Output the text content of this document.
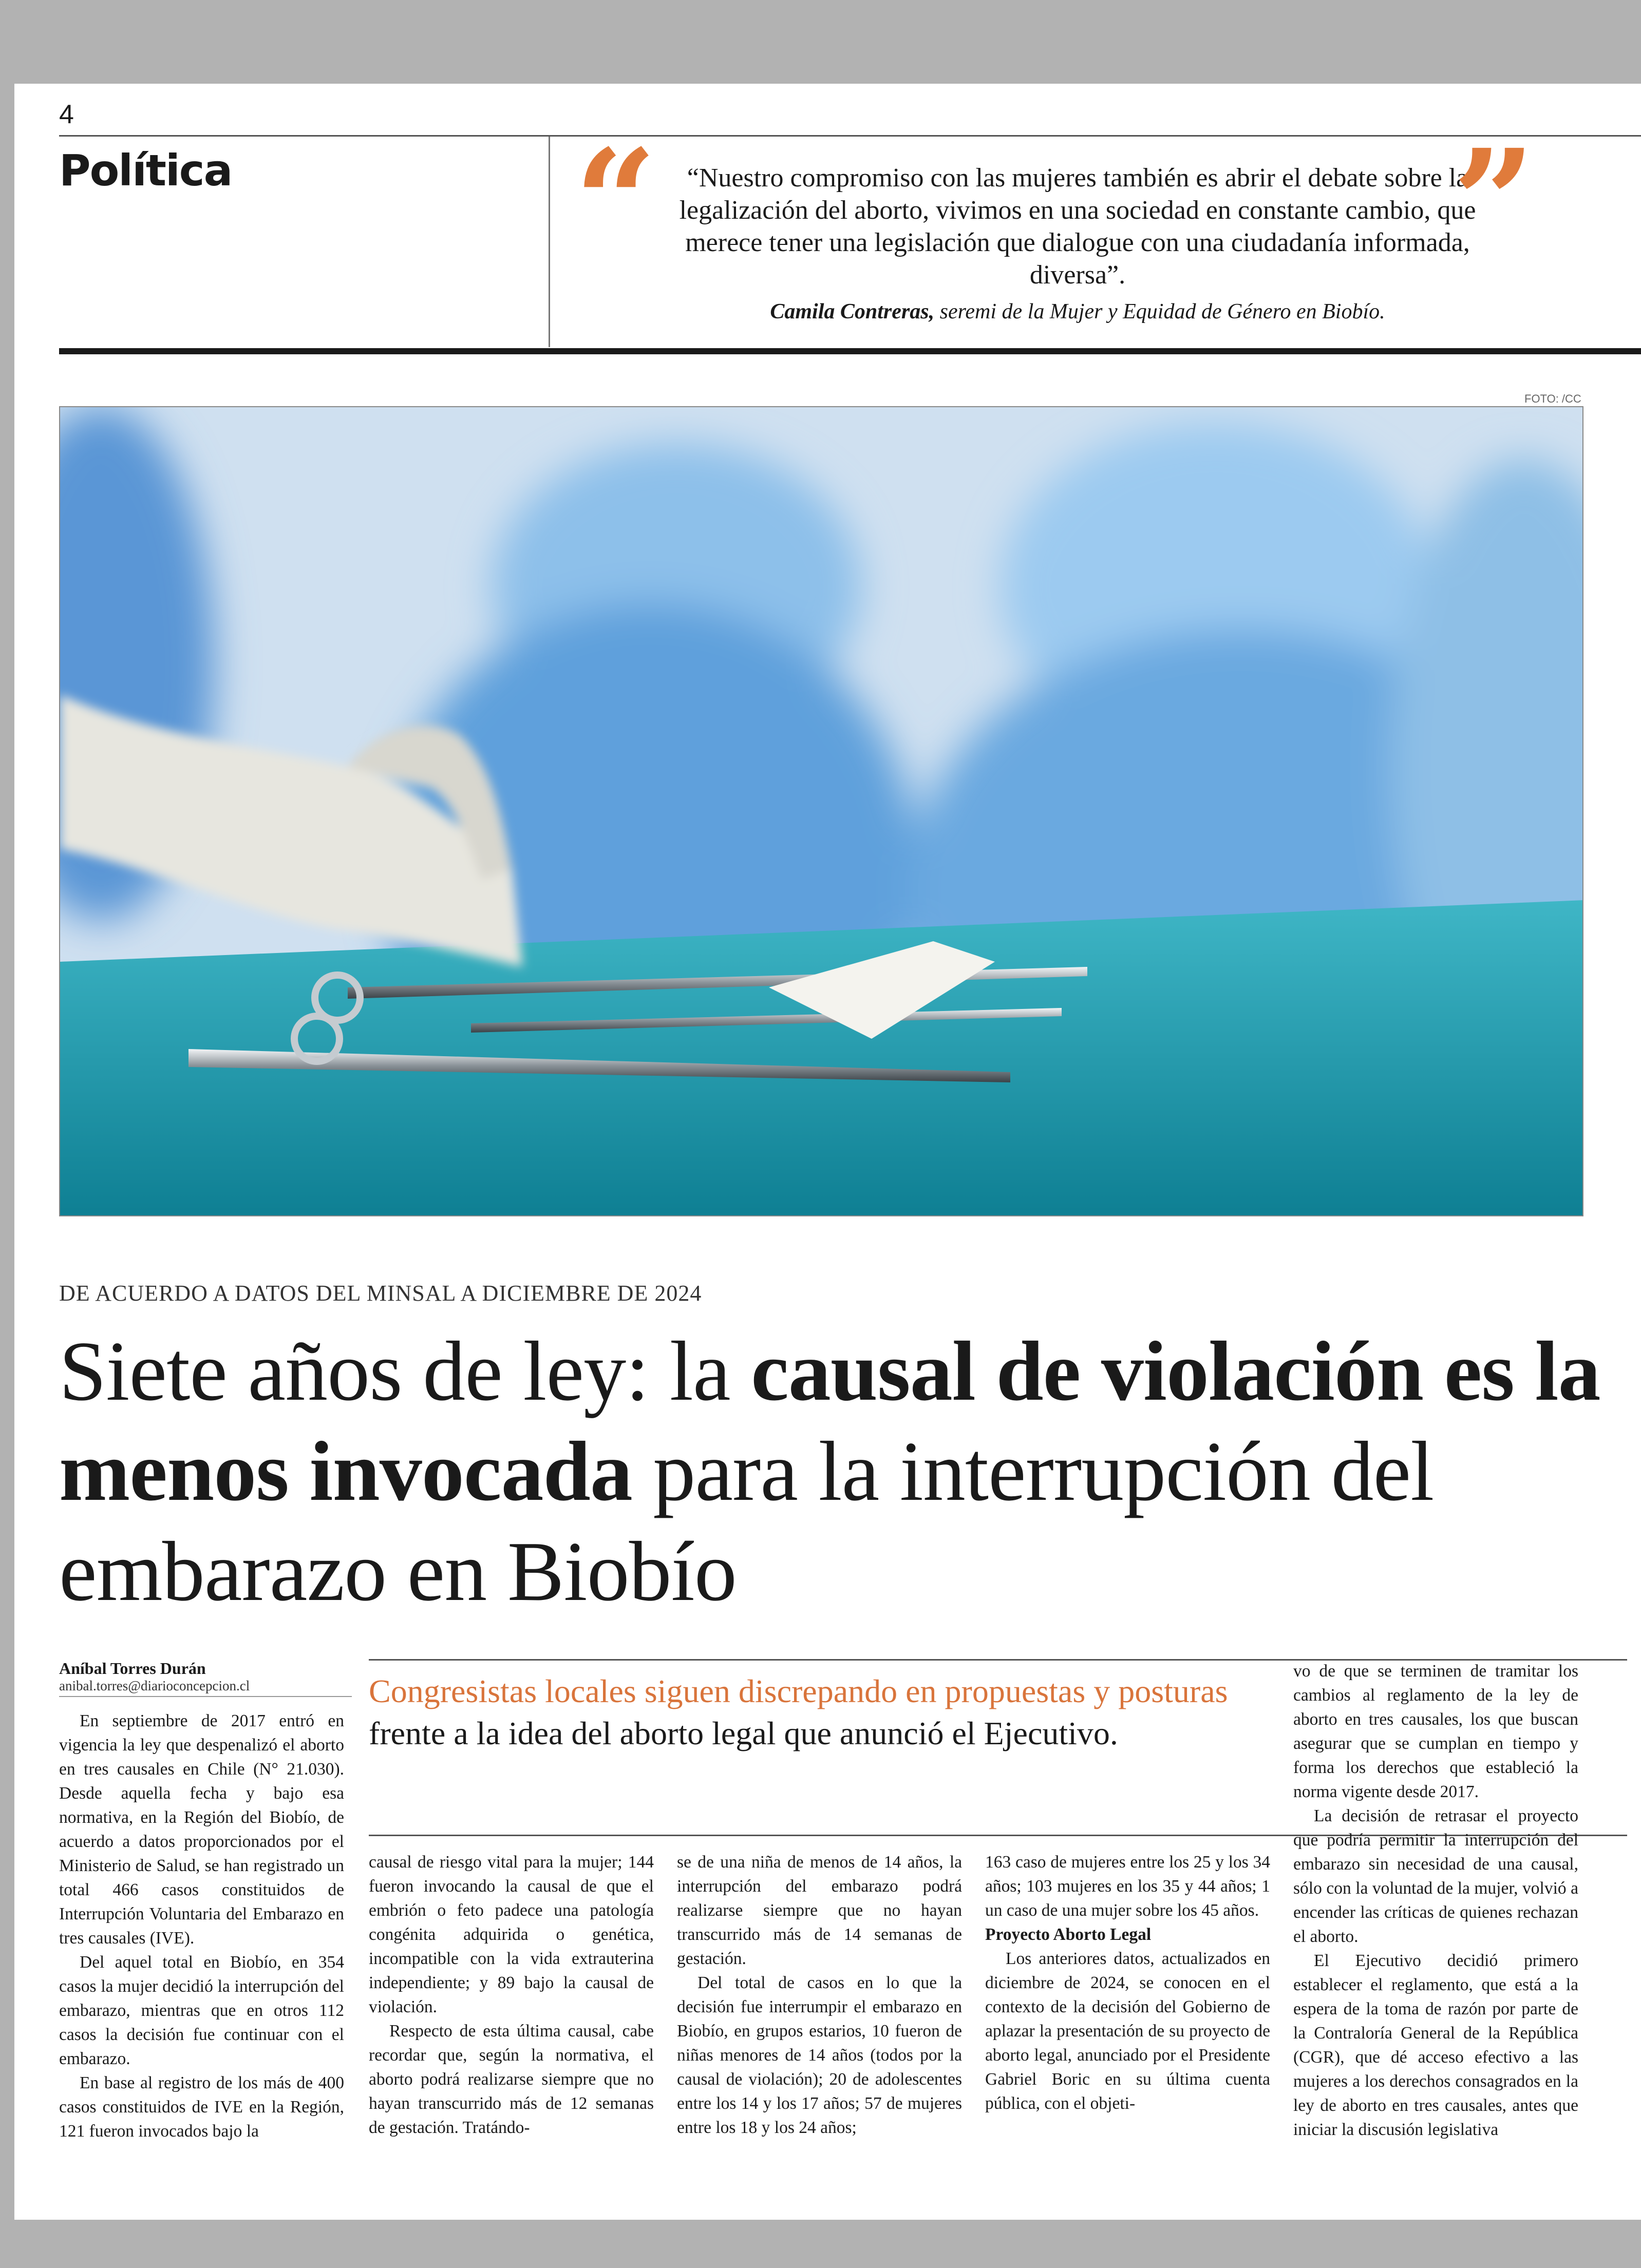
4
Política “	“Nuestro compromiso con las mujeres también es abrir el debate sobre la legalización del aborto, vivimos en una sociedad en constante cambio, que merece tener una legislación que dialogue con una ciudadanía informada, diversa”.	”
Camila Contreras, seremi de la Mujer y Equidad de Género en Biobío.
FOTO: /CC
DE ACUERDO A DATOS DEL MINSAL A DICIEMBRE DE 2024
Siete años de ley: la causal de violación es la menos invocada para la interrupción del embarazo en Biobío
Aníbal Torres Durán
anibal.torres@diarioconcepcion.cl	Congresistas locales siguen discrepando en propuestas y posturas frente a la idea del aborto legal que anunció el Ejecutivo.

En septiembre de 2017 entró en vigencia la ley que despenalizó el aborto en tres causales en Chile (N° 21.030). Desde aquella fecha y bajo esa normativa, en la Región del Biobío, de acuerdo a datos proporcionados por el Ministerio de Salud, se han registrado un total 466 casos constituidos de Interrupción Voluntaria del Embarazo en tres causales (IVE).

Del aquel total en Biobío, en 354 casos la mujer decidió la interrupción del embarazo, mientras que en otros 112 casos la decisión fue continuar con el embarazo.

En base al registro de los más de 400 casos constituidos de IVE en la Región, 121 fueron invocados bajo la

causal de riesgo vital para la mujer; 144 fueron invocando la causal de que el embrión o feto padece una patología congénita adquirida o genética, incompatible con la vida extrauterina independiente; y 89 bajo la causal de violación.

Respecto de esta última causal, cabe recordar que, según la normativa, el aborto podrá realizarse siempre que no hayan transcurrido más de 12 semanas de gestación. Tratándo-

se de una niña de menos de 14 años, la interrupción del embarazo podrá realizarse siempre que no hayan transcurrido más de 14 semanas de gestación.

Del total de casos en lo que la decisión fue interrumpir el embarazo en Biobío, en grupos estarios, 10 fueron de niñas menores de 14 años (todos por la causal de violación); 20 de adolescentes entre los 14 y los 17 años; 57 de mujeres entre los 18 y los 24 años;

163 caso de mujeres entre los 25 y los 34 años; 103 mujeres en los 35 y 44 años; 1 un caso de una mujer sobre los 45 años.

Proyecto Aborto Legal

Los anteriores datos, actualizados en diciembre de 2024, se conocen en el contexto de la decisión del Gobierno de aplazar la presentación de su proyecto de aborto legal, anunciado por el Presidente Gabriel Boric en su última cuenta pública, con el objeti-

vo de que se terminen de tramitar los cambios al reglamento de la ley de aborto en tres causales, los que buscan asegurar que se cumplan en tiempo y forma los derechos que estableció la norma vigente desde 2017.

La decisión de retrasar el proyecto que podría permitir la interrupción del embarazo sin necesidad de una causal, sólo con la voluntad de la mujer, volvió a encender las críticas de quienes rechazan el aborto.

El Ejecutivo decidió primero establecer el reglamento, que está a la espera de la toma de razón por parte de la Contraloría General de la República (CGR), que dé acceso efectivo a las mujeres a los derechos consagrados en la ley de aborto en tres causales, antes que iniciar la discusión legislativa
